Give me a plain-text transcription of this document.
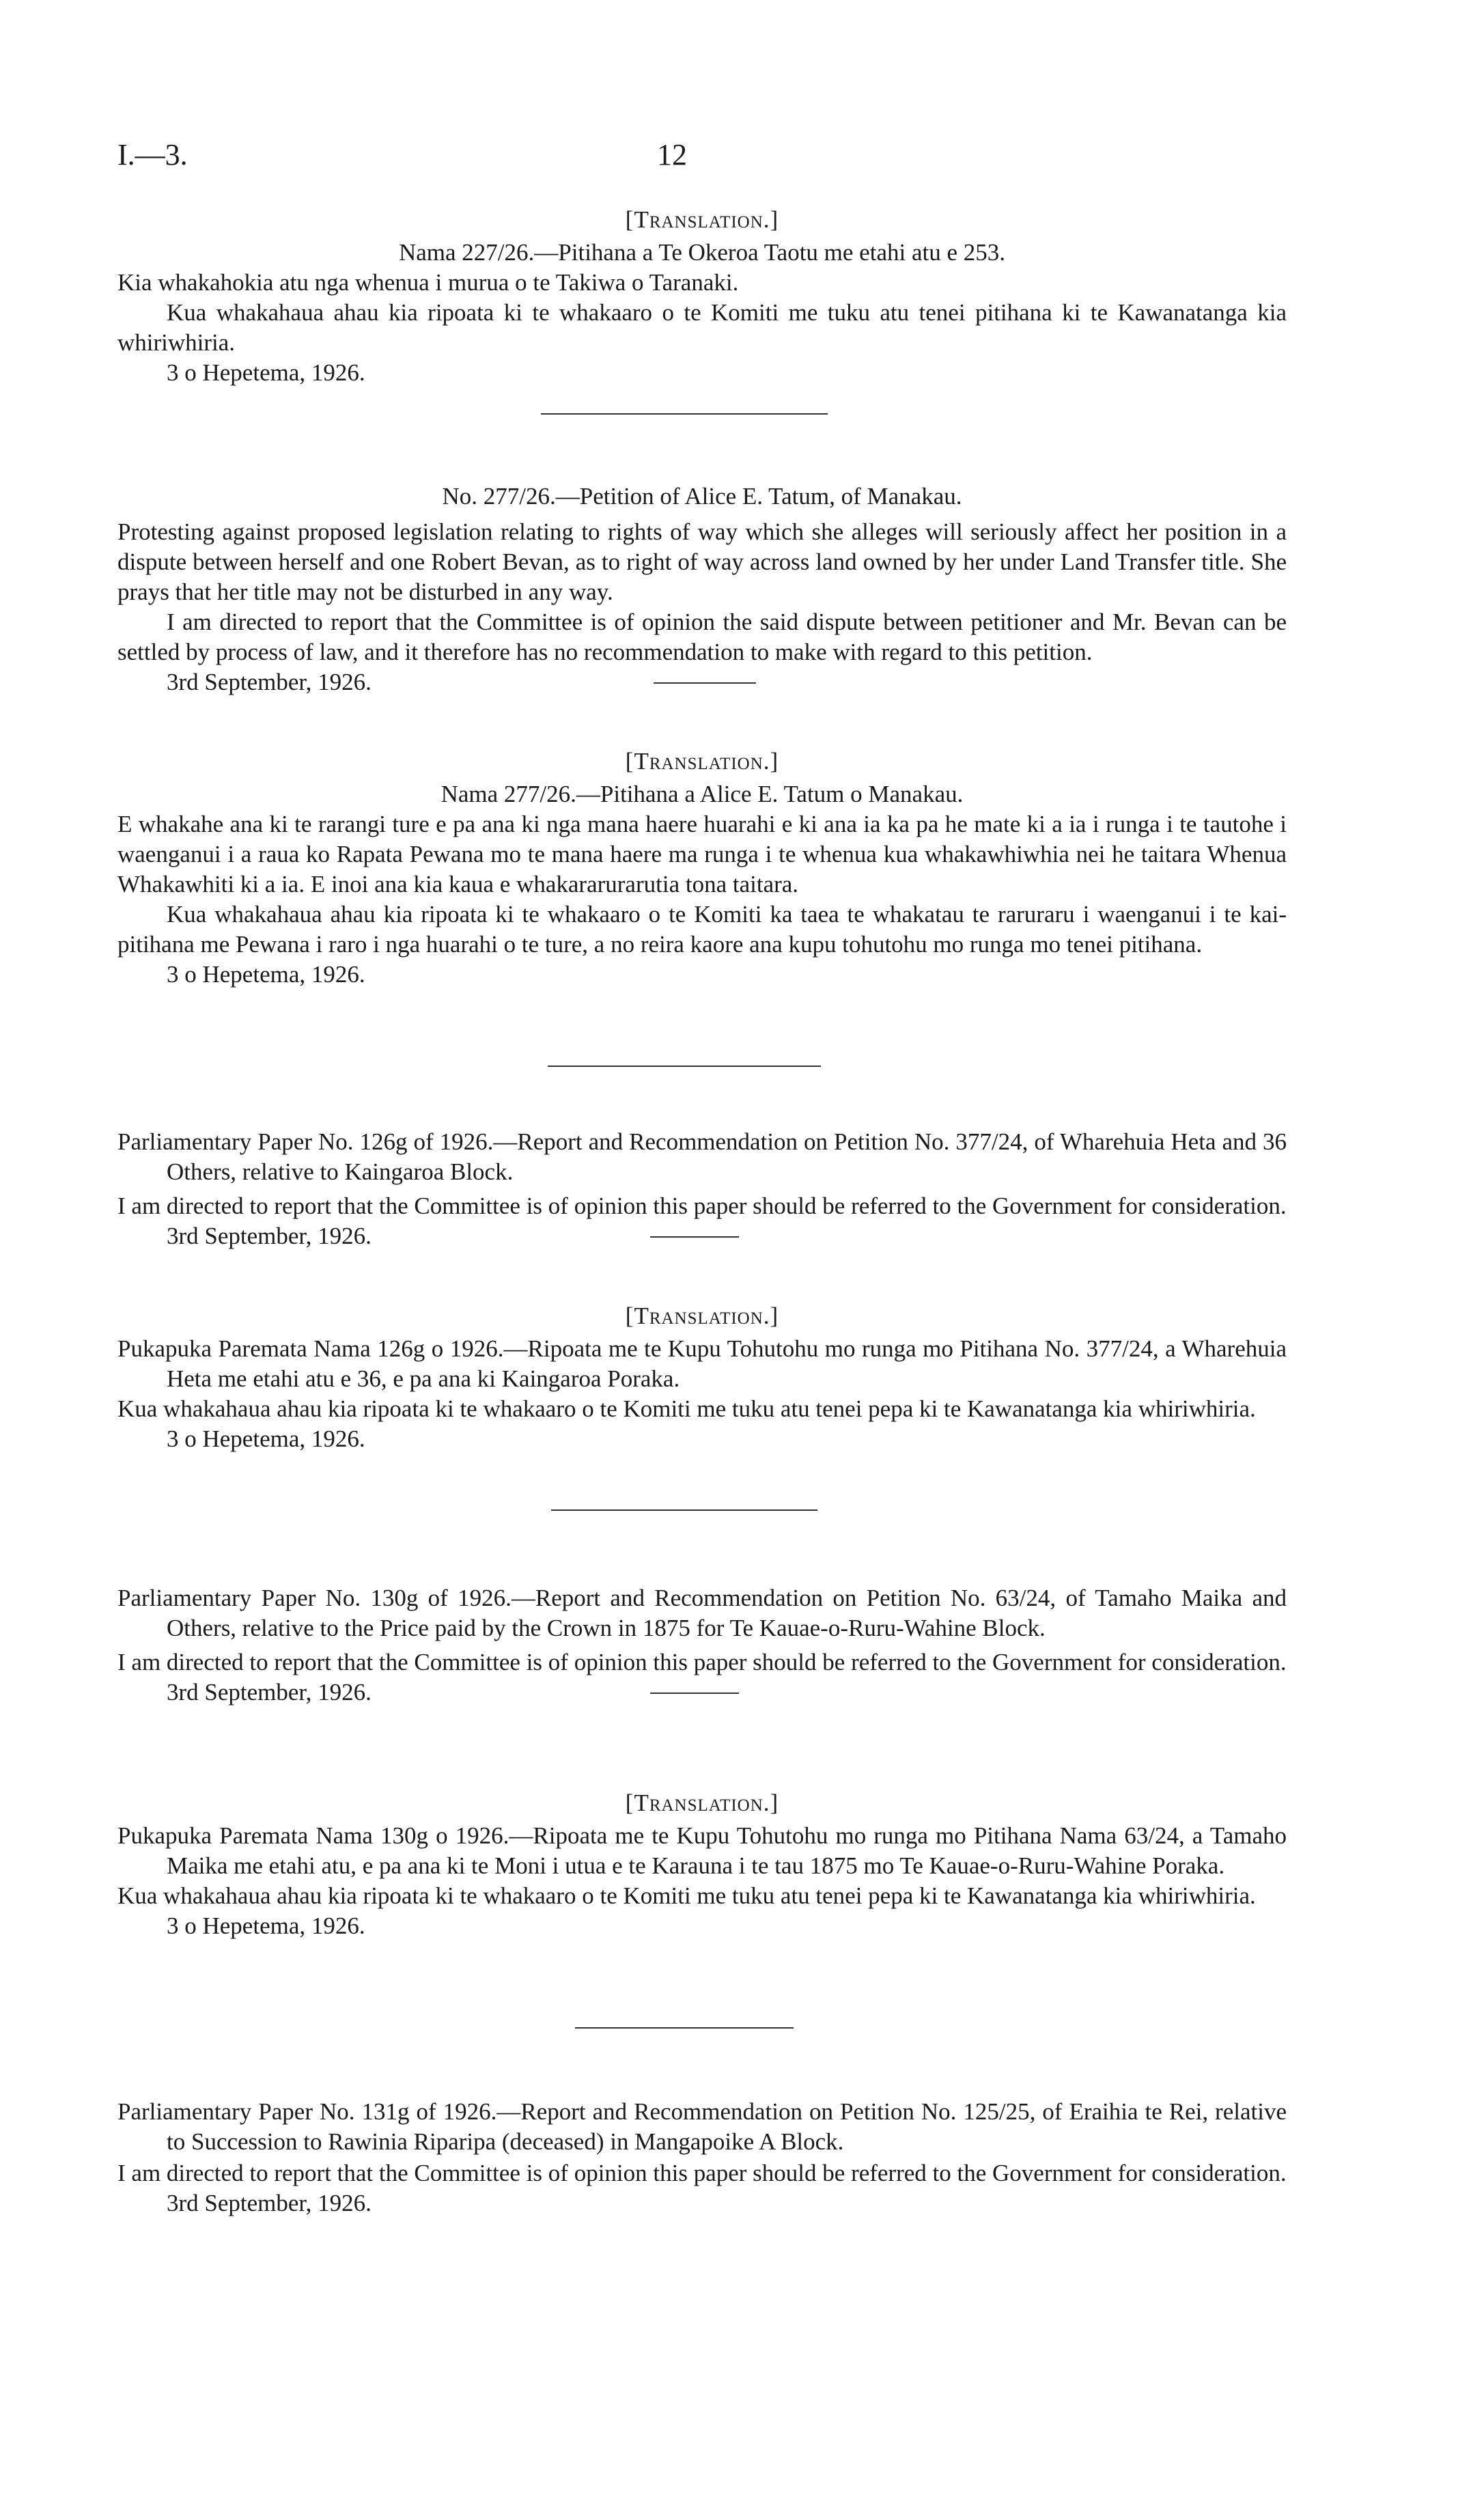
I.—3.	12

[Translation.]

Nama 227/26.—Pitihana a Te Okeroa Taotu me etahi atu e 253.

Kia whakahokia atu nga whenua i murua o te Takiwa o Taranaki.

Kua whakahaua ahau kia ripoata ki te whakaaro o te Komiti me tuku atu tenei pitihana ki te Kawanatanga kia whiriwhiria.

3 o Hepetema, 1926.

No. 277/26.—Petition of Alice E. Tatum, of Manakau.

Protesting against proposed legislation relating to rights of way which she alleges will seriously affect her position in a dispute between herself and one Robert Bevan, as to right of way across land owned by her under Land Transfer title. She prays that her title may not be disturbed in any way.

I am directed to report that the Committee is of opinion the said dispute between petitioner and Mr. Bevan can be settled by process of law, and it therefore has no recommendation to make with regard to this petition.

3rd September, 1926.

[Translation.]

Nama 277/26.—Pitihana a Alice E. Tatum o Manakau.

E whakahe ana ki te rarangi ture e pa ana ki nga mana haere huarahi e ki ana ia ka pa he mate ki a ia i runga i te tautohe i waenganui i a raua ko Rapata Pewana mo te mana haere ma runga i te whenua kua whakawhiwhia nei he taitara Whenua Whakawhiti ki a ia. E inoi ana kia kaua e whakararurarutia tona taitara.

Kua whakahaua ahau kia ripoata ki te whakaaro o te Komiti ka taea te whakatau te raruraru i waenganui i te kai-pitihana me Pewana i raro i nga huarahi o te ture, a no reira kaore ana kupu tohutohu mo runga mo tenei pitihana.

3 o Hepetema, 1926.

Parliamentary Paper No. 126g of 1926.—Report and Recommendation on Petition No. 377/24, of Wharehuia Heta and 36 Others, relative to Kaingaroa Block.

I am directed to report that the Committee is of opinion this paper should be referred to the Government for consideration.

3rd September, 1926.

[Translation.]

Pukapuka Paremata Nama 126g o 1926.—Ripoata me te Kupu Tohutohu mo runga mo Pitihana No. 377/24, a Wharehuia Heta me etahi atu e 36, e pa ana ki Kaingaroa Poraka.

Kua whakahaua ahau kia ripoata ki te whakaaro o te Komiti me tuku atu tenei pepa ki te Kawanatanga kia whiriwhiria.

3 o Hepetema, 1926.

Parliamentary Paper No. 130g of 1926.—Report and Recommendation on Petition No. 63/24, of Tamaho Maika and Others, relative to the Price paid by the Crown in 1875 for Te Kauae-o-Ruru-Wahine Block.

I am directed to report that the Committee is of opinion this paper should be referred to the Government for consideration.

3rd September, 1926.

[Translation.]

Pukapuka Paremata Nama 130g o 1926.—Ripoata me te Kupu Tohutohu mo runga mo Pitihana Nama 63/24, a Tamaho Maika me etahi atu, e pa ana ki te Moni i utua e te Karauna i te tau 1875 mo Te Kauae-o-Ruru-Wahine Poraka.

Kua whakahaua ahau kia ripoata ki te whakaaro o te Komiti me tuku atu tenei pepa ki te Kawanatanga kia whiriwhiria.

3 o Hepetema, 1926.

Parliamentary Paper No. 131g of 1926.—Report and Recommendation on Petition No. 125/25, of Eraihia te Rei, relative to Succession to Rawinia Riparipa (deceased) in Mangapoike A Block.

I am directed to report that the Committee is of opinion this paper should be referred to the Government for consideration.

3rd September, 1926.
